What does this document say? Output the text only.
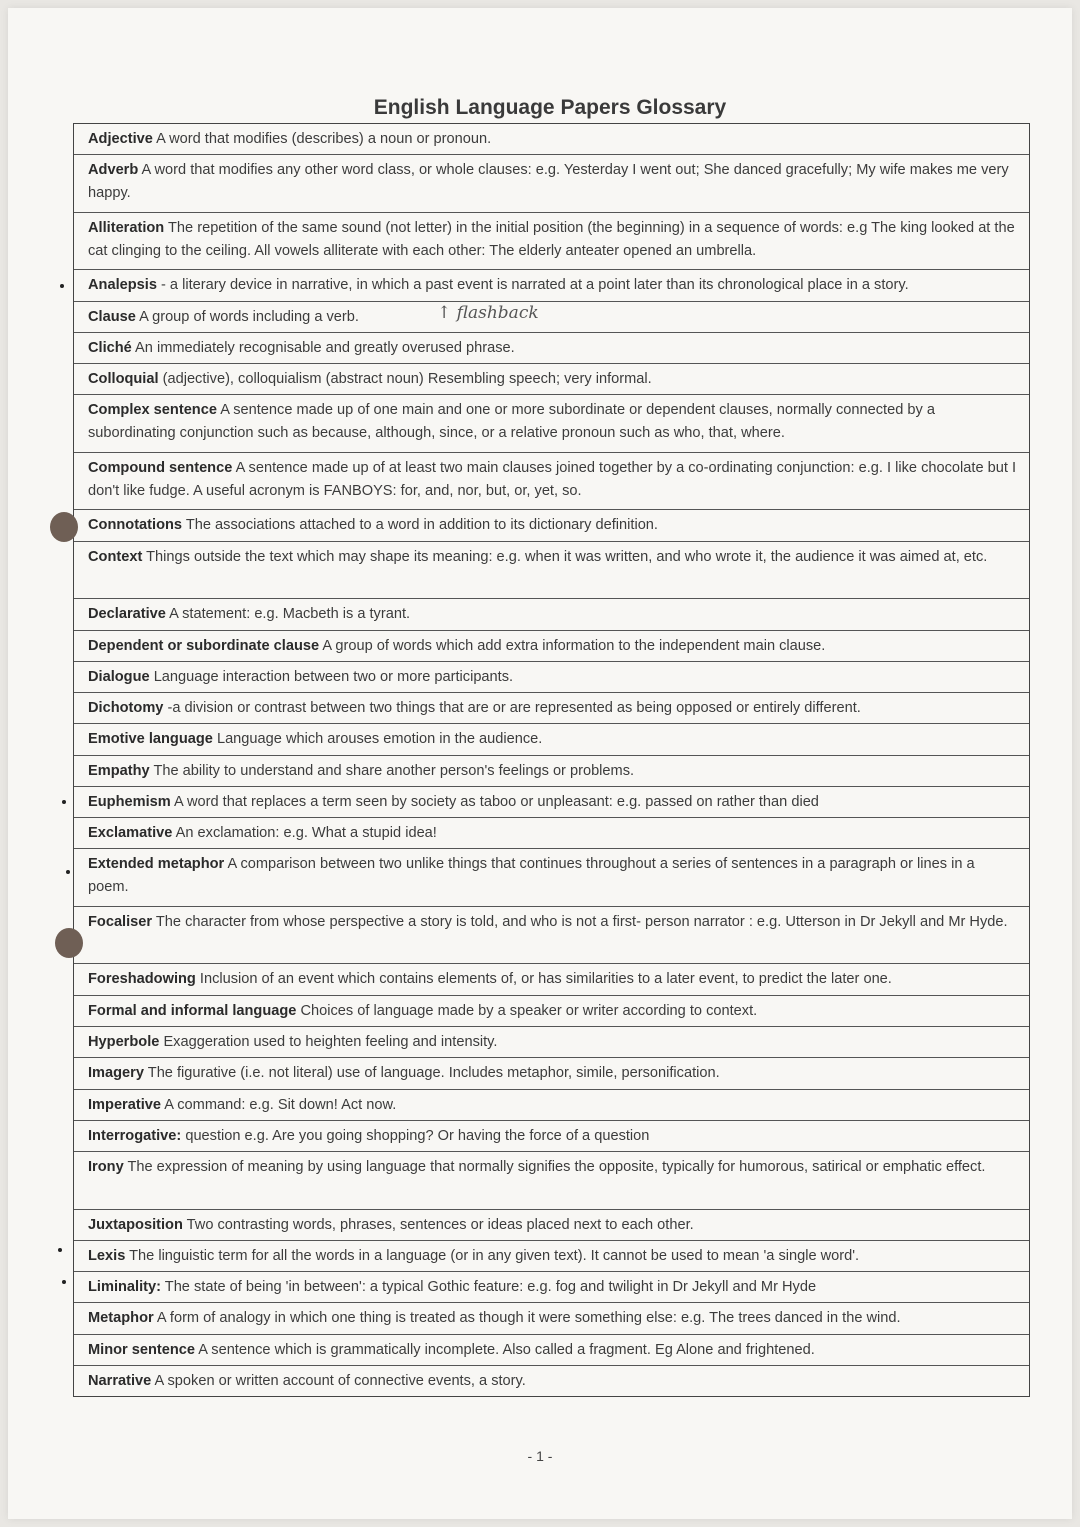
English Language Papers Glossary
Adjective A word that modifies (describes) a noun or pronoun.
Adverb A word that modifies any other word class, or whole clauses: e.g. Yesterday I went out; She danced gracefully; My wife makes me very happy.
Alliteration The repetition of the same sound (not letter) in the initial position (the beginning) in a sequence of words: e.g The king looked at the cat clinging to the ceiling. All vowels alliterate with each other: The elderly anteater opened an umbrella.
Analepsis - a literary device in narrative, in which a past event is narrated at a point later than its chronological place in a story.
Clause A group of words including a verb.
Cliché An immediately recognisable and greatly overused phrase.
Colloquial (adjective), colloquialism (abstract noun) Resembling speech; very informal.
Complex sentence A sentence made up of one main and one or more subordinate or dependent clauses, normally connected by a subordinating conjunction such as because, although, since, or a relative pronoun such as who, that, where.
Compound sentence A sentence made up of at least two main clauses joined together by a co-ordinating conjunction: e.g. I like chocolate but I don't like fudge. A useful acronym is FANBOYS: for, and, nor, but, or, yet, so.
Connotations The associations attached to a word in addition to its dictionary definition.
Context Things outside the text which may shape its meaning: e.g. when it was written, and who wrote it, the audience it was aimed at, etc.
Declarative A statement: e.g. Macbeth is a tyrant.
Dependent or subordinate clause A group of words which add extra information to the independent main clause.
Dialogue Language interaction between two or more participants.
Dichotomy -a division or contrast between two things that are or are represented as being opposed or entirely different.
Emotive language Language which arouses emotion in the audience.
Empathy The ability to understand and share another person's feelings or problems.
Euphemism A word that replaces a term seen by society as taboo or unpleasant: e.g. passed on rather than died
Exclamative An exclamation: e.g. What a stupid idea!
Extended metaphor A comparison between two unlike things that continues throughout a series of sentences in a paragraph or lines in a poem.
Focaliser The character from whose perspective a story is told, and who is not a first- person narrator : e.g. Utterson in Dr Jekyll and Mr Hyde.
Foreshadowing Inclusion of an event which contains elements of, or has similarities to a later event, to predict the later one.
Formal and informal language Choices of language made by a speaker or writer according to context.
Hyperbole Exaggeration used to heighten feeling and intensity.
Imagery The figurative (i.e. not literal) use of language. Includes metaphor, simile, personification.
Imperative A command: e.g. Sit down! Act now.
Interrogative: question e.g. Are you going shopping? Or having the force of a question
Irony The expression of meaning by using language that normally signifies the opposite, typically for humorous, satirical or emphatic effect.
Juxtaposition Two contrasting words, phrases, sentences or ideas placed next to each other.
Lexis The linguistic term for all the words in a language (or in any given text). It cannot be used to mean 'a single word'.
Liminality: The state of being 'in between': a typical Gothic feature: e.g. fog and twilight in Dr Jekyll and Mr Hyde
Metaphor A form of analogy in which one thing is treated as though it were something else: e.g. The trees danced in the wind.
Minor sentence A sentence which is grammatically incomplete. Also called a fragment. Eg Alone and frightened.
Narrative A spoken or written account of connective events, a story.
↑ flashback
- 1 -
